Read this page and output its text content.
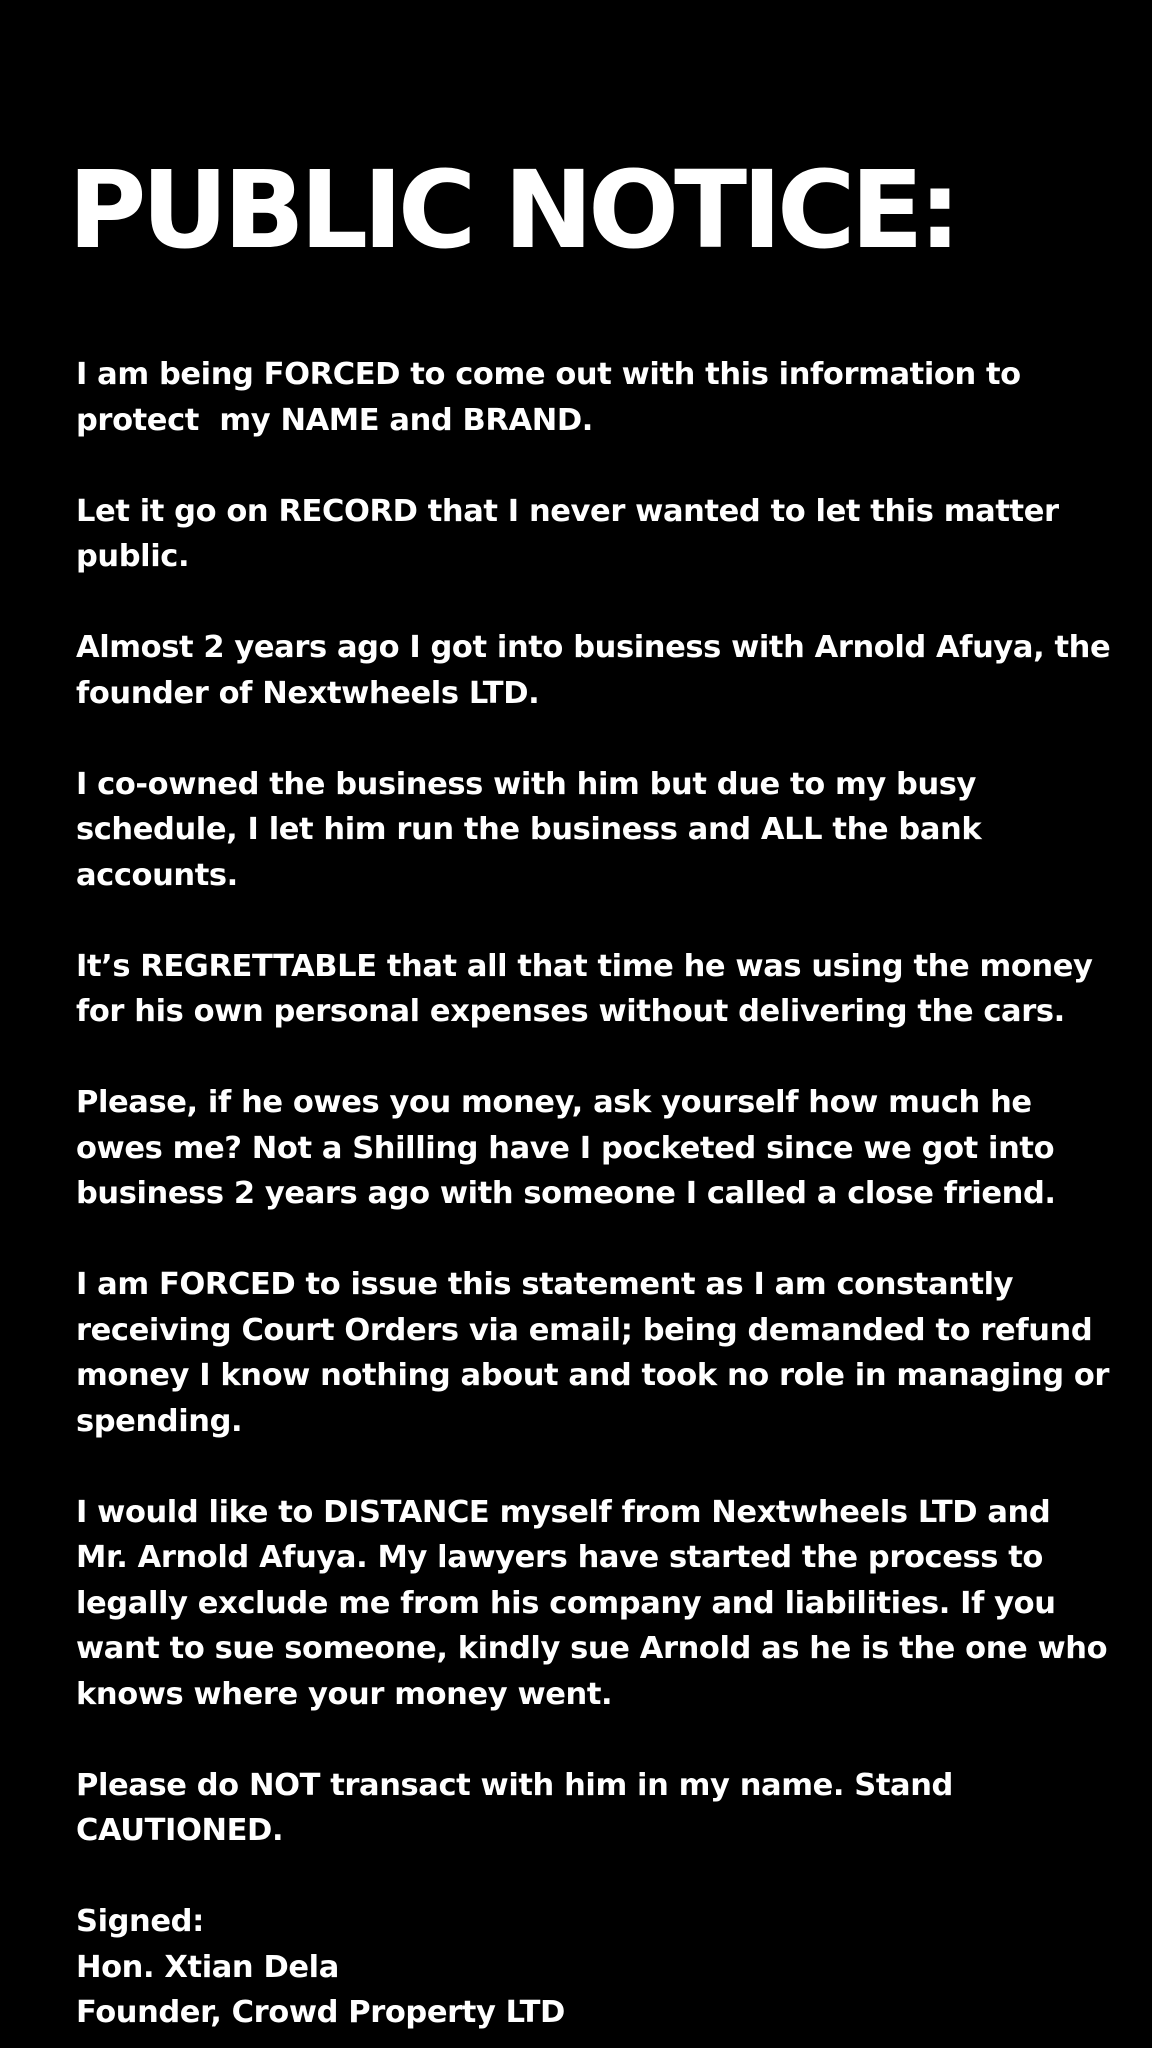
PUBLIC NOTICE:

I am being FORCED to come out with this information to
protect  my NAME and BRAND.

Let it go on RECORD that I never wanted to let this matter
public.

Almost 2 years ago I got into business with Arnold Afuya, the
founder of Nextwheels LTD.

I co-owned the business with him but due to my busy
schedule, I let him run the business and ALL the bank
accounts.

It’s REGRETTABLE that all that time he was using the money
for his own personal expenses without delivering the cars.

Please, if he owes you money, ask yourself how much he
owes me? Not a Shilling have I pocketed since we got into
business 2 years ago with someone I called a close friend.

I am FORCED to issue this statement as I am constantly
receiving Court Orders via email; being demanded to refund
money I know nothing about and took no role in managing or
spending.

I would like to DISTANCE myself from Nextwheels LTD and
Mr. Arnold Afuya. My lawyers have started the process to
legally exclude me from his company and liabilities. If you
want to sue someone, kindly sue Arnold as he is the one who
knows where your money went.

Please do NOT transact with him in my name. Stand
CAUTIONED.

Signed:
Hon. Xtian Dela
Founder, Crowd Property LTD
